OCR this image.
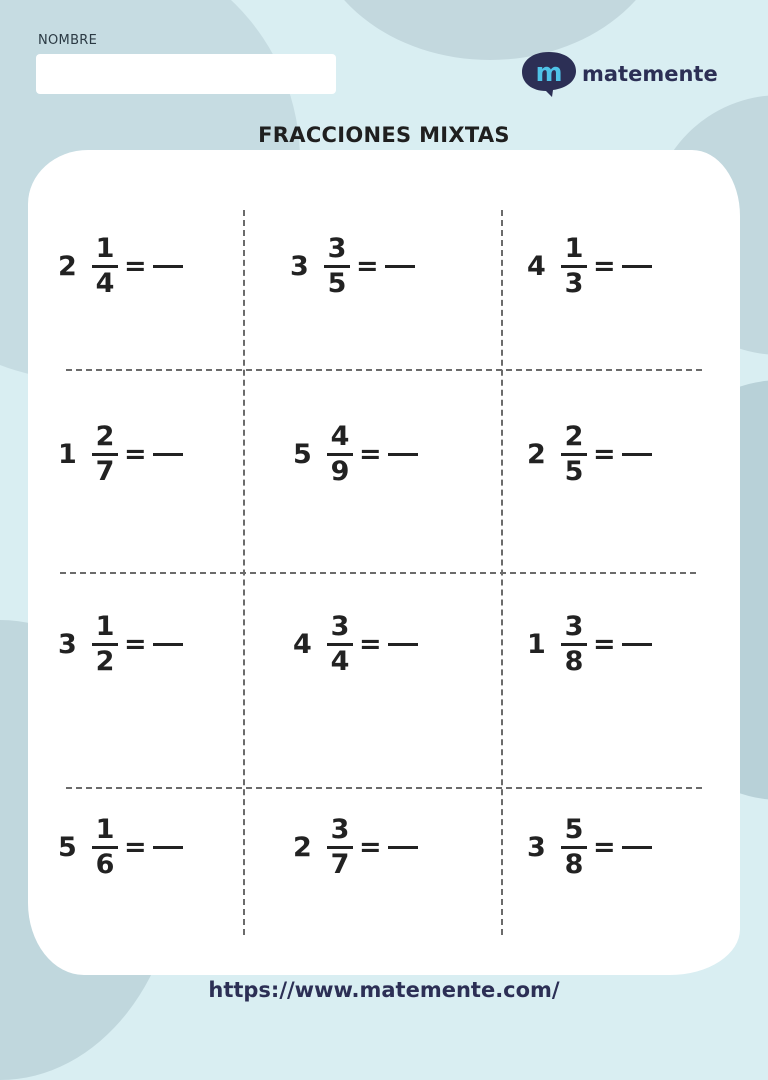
NOMBRE
m matemente
FRACCIONES MIXTAS
$2 \frac{1}{4}$ =	$3 \frac{3}{5}$ =	$4 \frac{1}{3}$ =
$1 \frac{2}{7}$ =	$5 \frac{4}{9}$ =	$2 \frac{2}{5}$ =
$3 \frac{1}{2}$ =	$4 \frac{3}{4}$ =	$1 \frac{3}{8}$ =
$5 \frac{1}{6}$ =	$2 \frac{3}{7}$ =	$3 \frac{5}{8}$ =
https://www.matemente.com/
